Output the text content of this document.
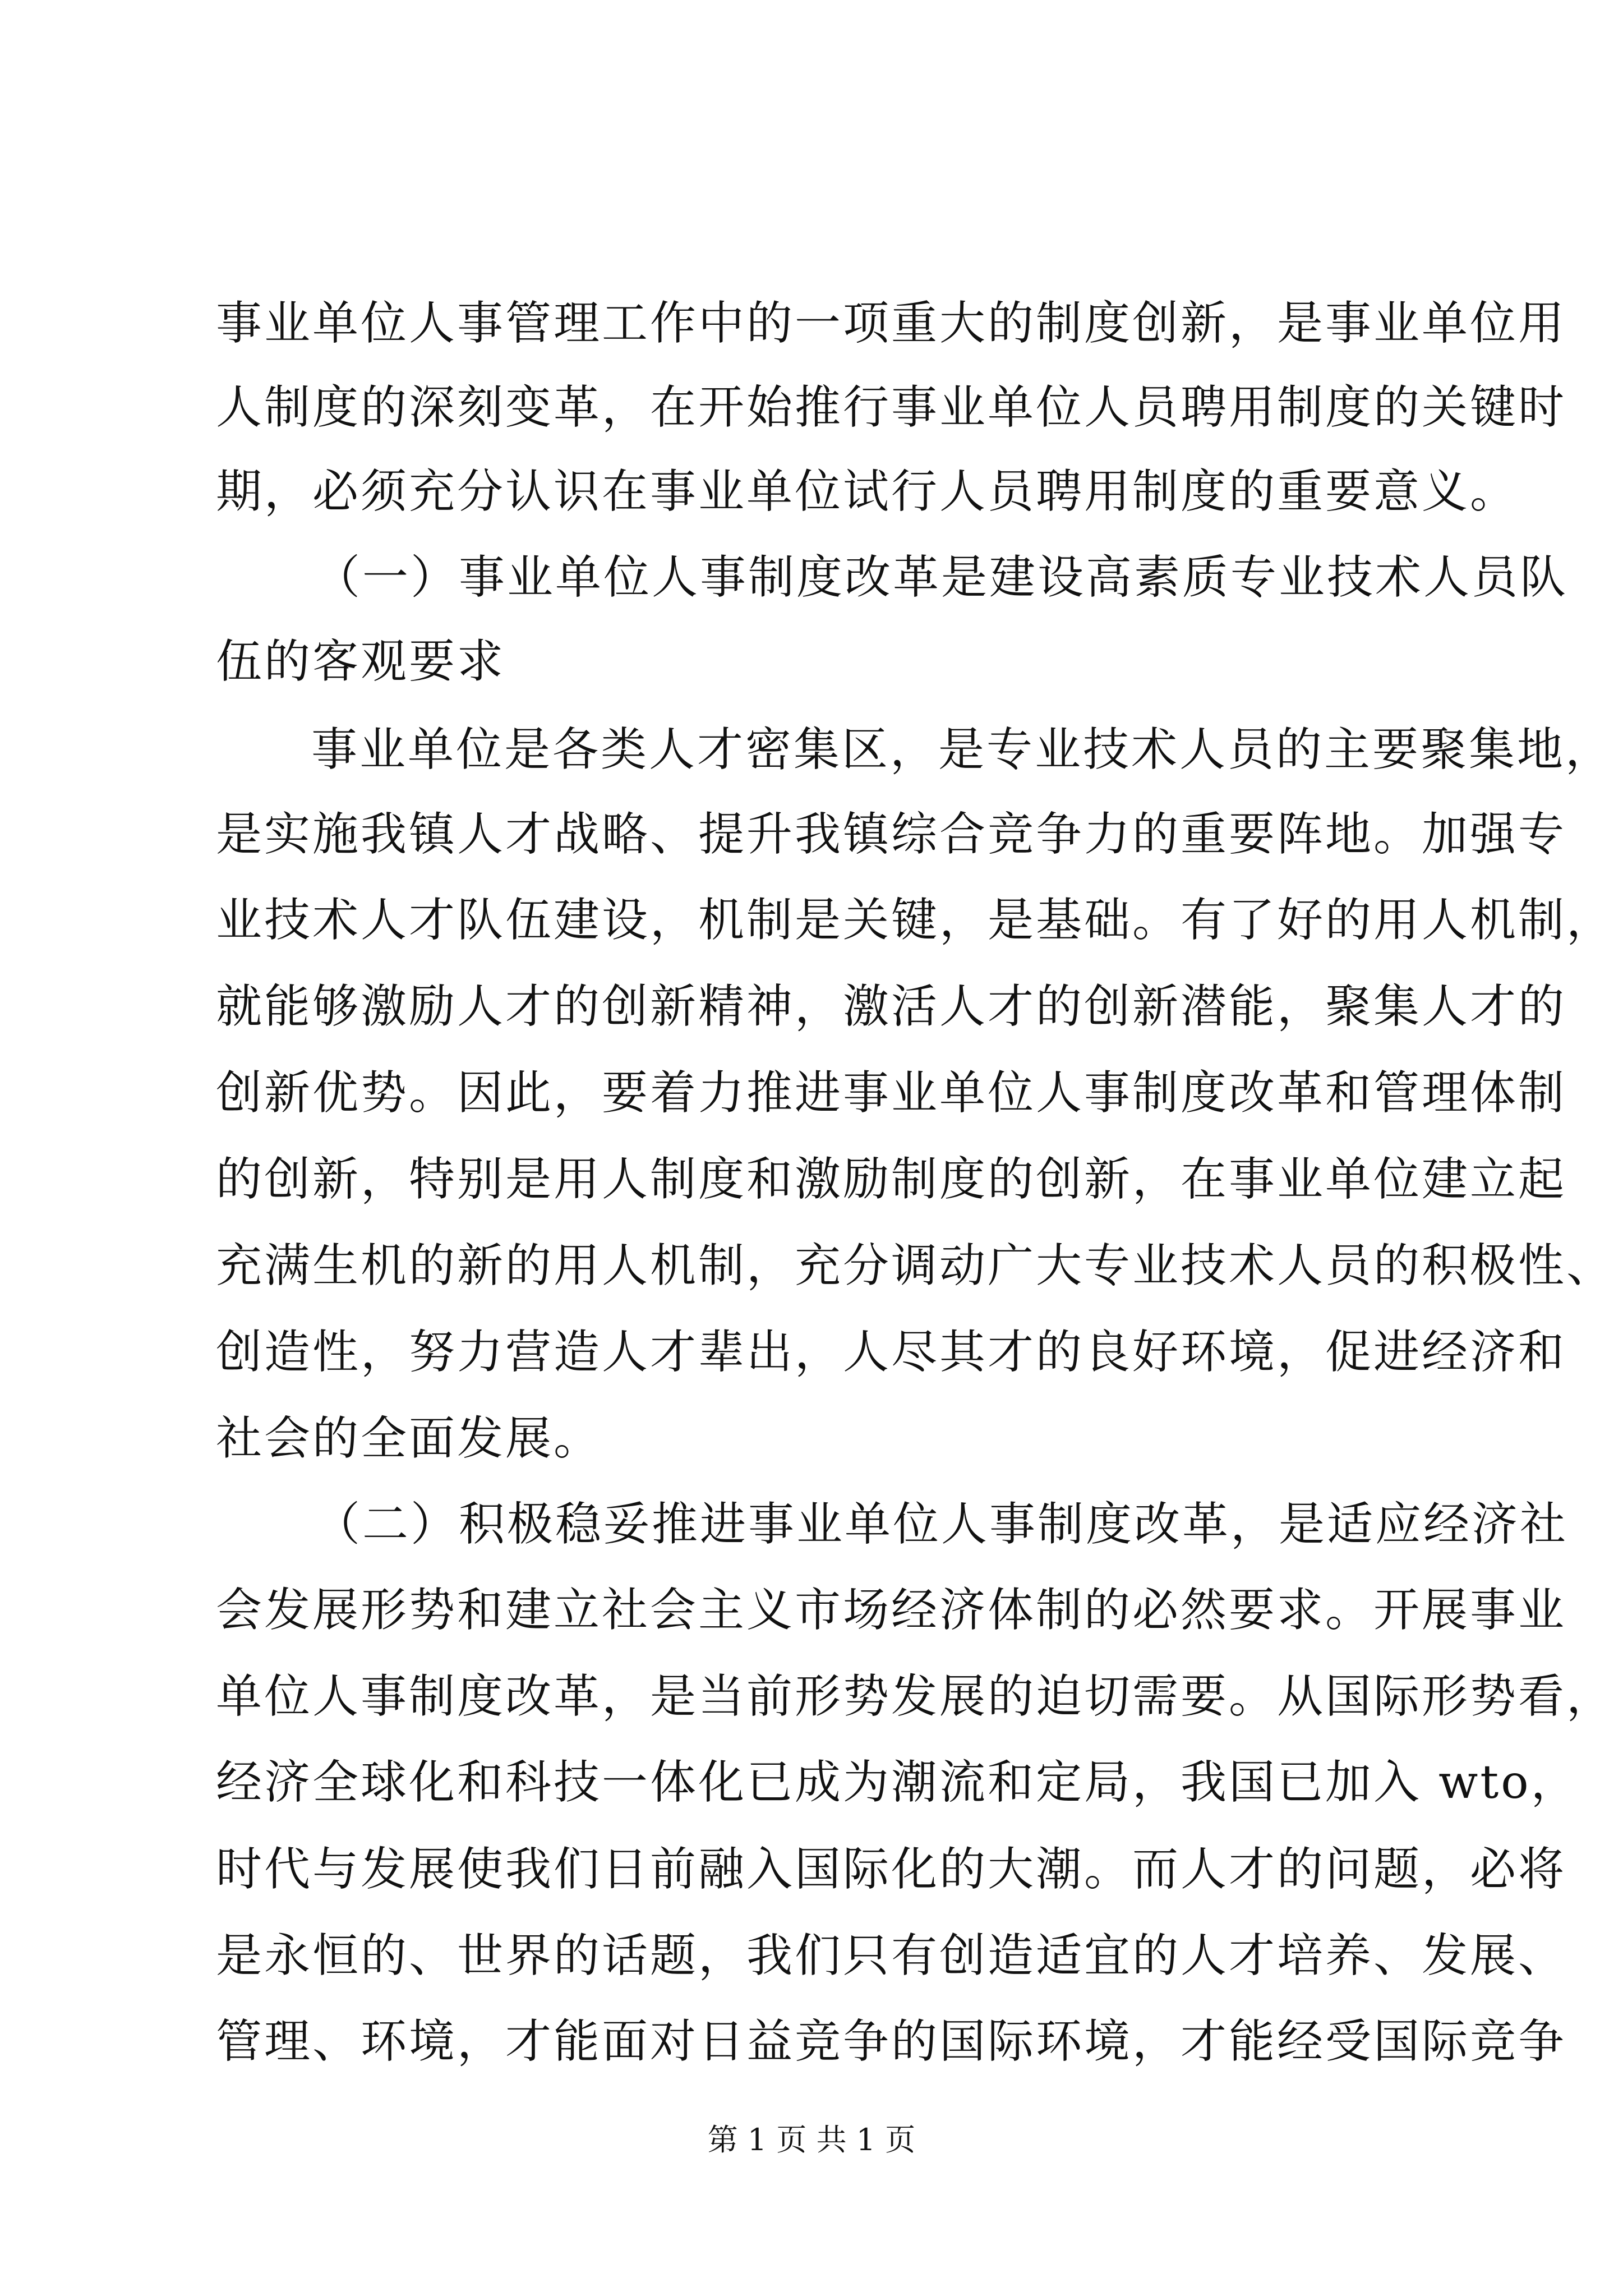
事业单位人事管理工作中的一项重大的制度创新，是事业单位用
人制度的深刻变革，在开始推行事业单位人员聘用制度的关键时
期，必须充分认识在事业单位试行人员聘用制度的重要意义。
（一）事业单位人事制度改革是建设高素质专业技术人员队
伍的客观要求
事业单位是各类人才密集区，是专业技术人员的主要聚集地，
是实施我镇人才战略、提升我镇综合竞争力的重要阵地。加强专
业技术人才队伍建设，机制是关键，是基础。有了好的用人机制，
就能够激励人才的创新精神，激活人才的创新潜能，聚集人才的
创新优势。因此，要着力推进事业单位人事制度改革和管理体制
的创新，特别是用人制度和激励制度的创新，在事业单位建立起
充满生机的新的用人机制，充分调动广大专业技术人员的积极性、
创造性，努力营造人才辈出，人尽其才的良好环境，促进经济和
社会的全面发展。
（二）积极稳妥推进事业单位人事制度改革，是适应经济社
会发展形势和建立社会主义市场经济体制的必然要求。开展事业
单位人事制度改革，是当前形势发展的迫切需要。从国际形势看，
经济全球化和科技一体化已成为潮流和定局，我国已加入 wto，
时代与发展使我们日前融入国际化的大潮。而人才的问题，必将
是永恒的、世界的话题，我们只有创造适宜的人才培养、发展、
管理、环境，才能面对日益竞争的国际环境，才能经受国际竞争
第 1 页 共 1 页
